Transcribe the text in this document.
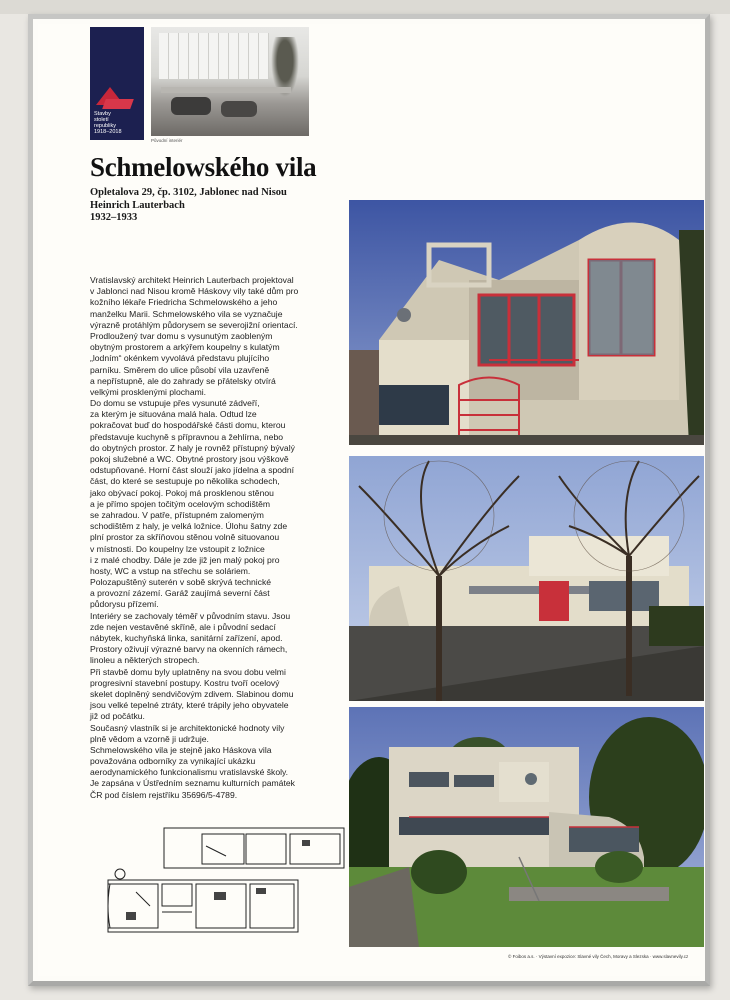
Stavby
století
republiky
1918–2018
Původní interiér
Schmelowského vila
Opletalova 29, čp. 3102, Jablonec nad Nisou
Heinrich Lauterbach
1932–1933
Vratislavský architekt Heinrich Lauterbach projektoval
v Jablonci nad Nisou kromě Háskovy vily také dům pro
kožního lékaře Friedricha Schmelowského a jeho
manželku Marii. Schmelowského vila se vyznačuje
výrazně protáhlým půdorysem se severojižní orientací.
Prodloužený tvar domu s vysunutým zaobleným
obytným prostorem a arkýřem koupelny s kulatým
„lodním“ okénkem vyvolává představu plujícího
parníku. Směrem do ulice působí vila uzavřeně
a nepřístupně, ale do zahrady se přátelsky otvírá
velkými prosklenými plochami.
Do domu se vstupuje přes vysunuté zádveří,
za kterým je situována malá hala. Odtud lze
pokračovat buď do hospodářské části domu, kterou
představuje kuchyně s přípravnou a žehlírna, nebo
do obytných prostor. Z haly je rovněž přístupný bývalý
pokoj služebné a WC. Obytné prostory jsou výškově
odstupňované. Horní část slouží jako jídelna a spodní
část, do které se sestupuje po několika schodech,
jako obývací pokoj. Pokoj má prosklenou stěnou
a je přímo spojen točitým ocelovým schodištěm
se zahradou. V patře, přístupném zalomeným
schodištěm z haly, je velká ložnice. Úlohu šatny zde
plní prostor za skříňovou stěnou volně situovanou
v místnosti. Do koupelny lze vstoupit z ložnice
i z malé chodby. Dále je zde již jen malý pokoj pro
hosty, WC a vstup na střechu se soláriem.
Polozapuštěný suterén v sobě skrývá technické
a provozní zázemí. Garáž zaujímá severní část
půdorysu přízemí.
Interiéry se zachovaly téměř v původním stavu. Jsou
zde nejen vestavěné skříně, ale i původní sedací
nábytek, kuchyňská linka, sanitární zařízení, apod.
Prostory oživují výrazné barvy na okenních rámech,
linoleu a některých stropech.
Při stavbě domu byly uplatněny na svou dobu velmi
progresivní stavební postupy. Kostru tvoří ocelový
skelet doplněný sendvičovým zdivem. Slabinou domu
jsou velké tepelné ztráty, které trápily jeho obyvatele
již od počátku.
Současný vlastník si je architektonické hodnoty vily
plně vědom a vzorně ji udržuje.
Schmelowského vila je stejně jako Háskova vila
považována odborníky za vynikající ukázku
aerodynamického funkcionalismu vratislavské školy.
Je zapsána v Ústředním seznamu kulturních památek
ČR pod číslem rejstříku 35696/5-4789.
© Foibos a.s. · Výstavní expozice: Slavné vily Čech, Moravy a Slezska · www.slavnevily.cz
